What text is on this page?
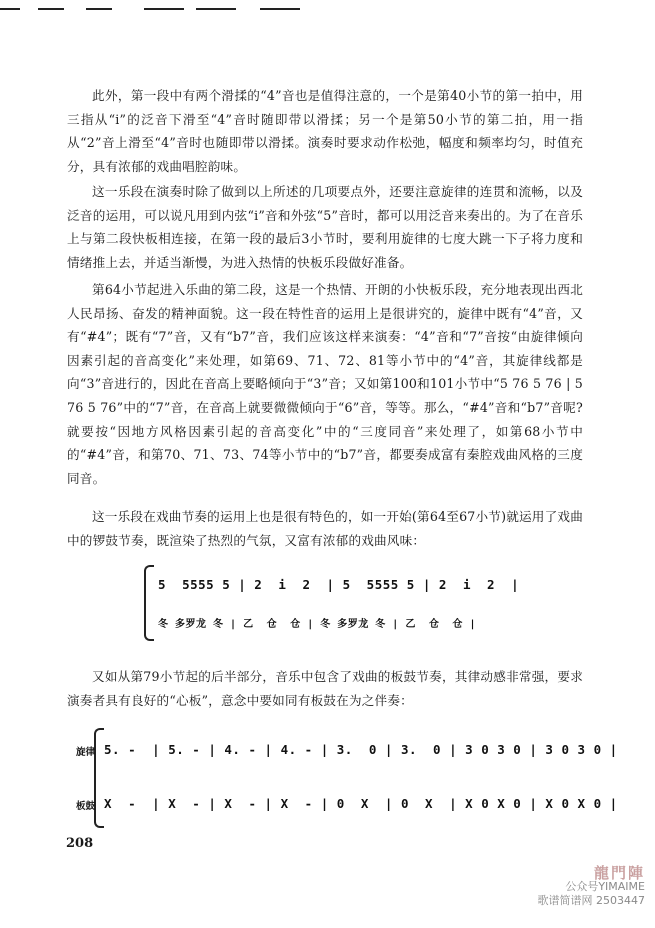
此外，第一段中有两个滑揉的“4”音也是值得注意的，一个是第40小节的第一拍中，用三指从“i”的泛音下滑至“4”音时随即带以滑揉；另一个是第50小节的第二拍，用一指从“2”音上滑至“4”音时也随即带以滑揉。演奏时要求动作松弛，幅度和频率均匀，时值充分，具有浓郁的戏曲唱腔韵味。

这一乐段在演奏时除了做到以上所述的几项要点外，还要注意旋律的连贯和流畅，以及泛音的运用，可以说凡用到内弦“i”音和外弦“5”音时，都可以用泛音来奏出的。为了在音乐上与第二段快板相连接，在第一段的最后3小节时，要利用旋律的七度大跳一下子将力度和情绪推上去，并适当渐慢，为进入热情的快板乐段做好准备。

第64小节起进入乐曲的第二段，这是一个热情、开朗的小快板乐段，充分地表现出西北人民昂扬、奋发的精神面貌。这一段在特性音的运用上是很讲究的，旋律中既有“4”音，又有“#4”；既有“7”音，又有“b7”音，我们应该这样来演奏：“4”音和“7”音按“由旋律倾向因素引起的音高变化”来处理，如第69、71、72、81等小节中的“4”音，其旋律线都是向“3”音进行的，因此在音高上要略倾向于“3”音；又如第100和101小节中“5 76 5 76 | 5 76 5 76”中的“7”音，在音高上就要微微倾向于“6”音，等等。那么，“#4”音和“b7”音呢?就要按“因地方风格因素引起的音高变化”中的“三度同音”来处理了，如第68小节中的“#4”音，和第70、71、73、74等小节中的“b7”音，都要奏成富有秦腔戏曲风格的三度同音。

这一乐段在戏曲节奏的运用上也是很有特色的，如一开始(第64至67小节)就运用了戏曲中的锣鼓节奏，既渲染了热烈的气氛，又富有浓郁的戏曲风味：

5  5555 5 | 2  i  2  | 5  5555 5 | 2  i  2  |
冬 多罗龙 冬 | 乙  仓  仓 | 冬 多罗龙 冬 | 乙  仓  仓 |

又如从第79小节起的后半部分，音乐中包含了戏曲的板鼓节奏，其律动感非常强，要求演奏者具有良好的“心板”，意念中要如同有板鼓在为之伴奏：

旋律
板鼓
5. -  | 5. - | 4. - | 4. - | 3.  0 | 3.  0 | 3 0 3 0 | 3 0 3 0 |
X  -  | X  - | X  - | X  - | 0  X  | 0  X  | X 0 X 0 | X 0 X 0 |
208
龍門陣
公众号YIMAIME
歌谱简谱网 2503447
